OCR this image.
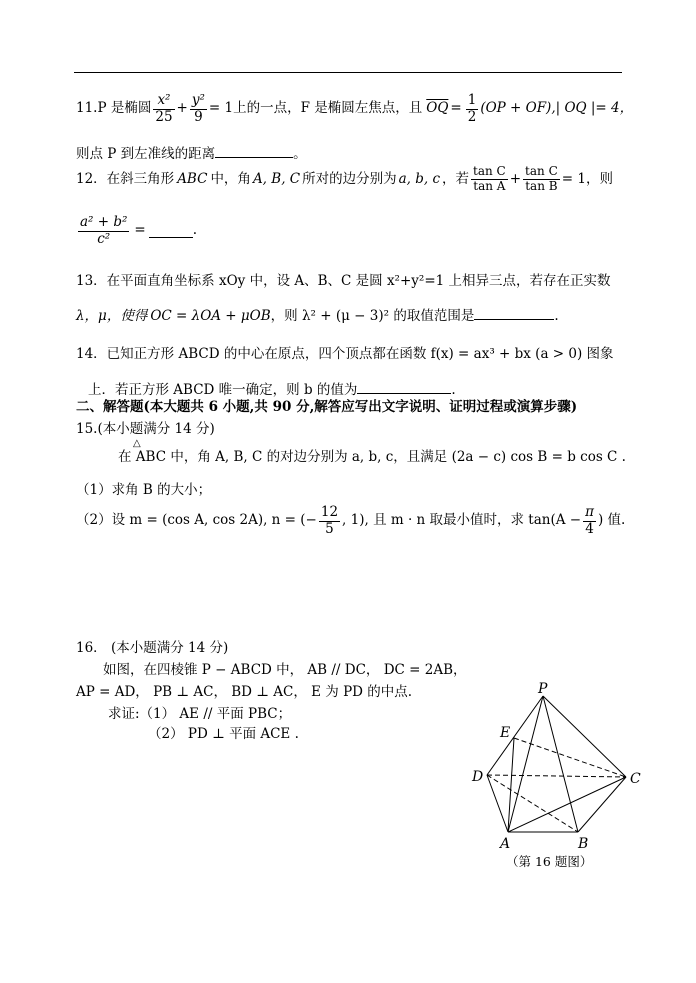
11.P 是椭圆 $\frac{\text{x²}}{25} + \frac{\text{y²}}{9} = 1$上的一点，F 是椭圆左焦点，且 $\overline{OQ} = \frac{1}{2} (OP + OF),|$ OQ |= 4，
则点 P 到左准线的距离	。
12．在斜三角形 ABC 中，角 A, B, C 所对的边分别为 a, b, c ，若 $\frac{\text{tan C}}{\text{tan A}} + \frac{\text{tan C}}{\text{tan B}} = 1$，则
$\frac{\text{a² + b²}}{\text{c²}}$ =	.
13．在平面直角坐标系 xOy 中，设 A、B、C 是圆 x²+y²=1 上相异三点，若存在正实数
λ，μ，使得 OC = λOA + μOB，则 λ² + (μ − 3)² 的取值范围是	.
14．已知正方形 ABCD 的中心在原点，四个顶点都在函数 f(x) = ax³ + bx (a > 0) 图象
上．若正方形 ABCD 唯一确定，则 b 的值为	.
二、解答题(本大题共 6 小题,共 90 分,解答应写出文字说明、证明过程或演算步骤)
15.(本小题满分 14 分)
△
在 ABC 中，角 A, B, C 的对边分别为 a, b, c，且满足 (2a − c) cos B = b cos C .
（1）求角 B 的大小；
（2）设 m = (cos A, cos 2A), n = (− $\frac{12}{5}$ , 1), 且 m · n 取最小值时，求 $\tan(A - \frac{\pi}{4}$ ) 值.
16． (本小题满分 14 分)
如图，在四棱锥 P − ABCD 中， AB // DC， DC = 2AB，
AP = AD， PB ⊥ AC， BD ⊥ AC， E 为 PD 的中点.
求证:（1） AE // 平面 PBC；
（2） PD ⊥ 平面 ACE .
P
E
D	C
A	B
（第 16 题图）
